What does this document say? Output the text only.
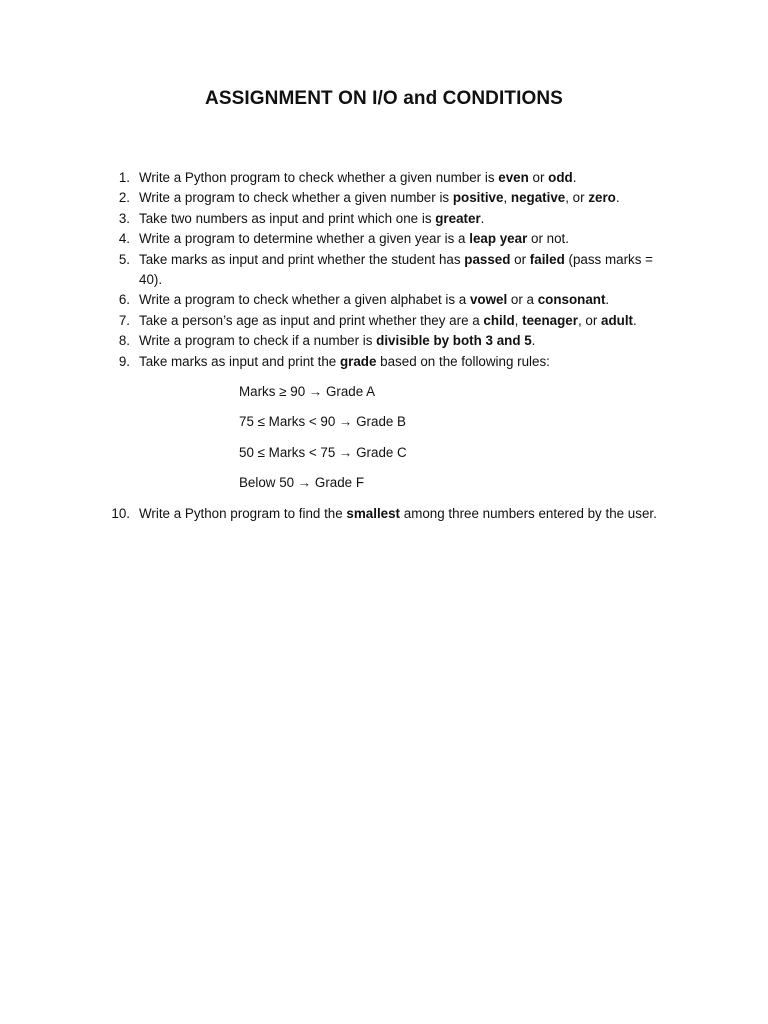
ASSIGNMENT ON I/O and CONDITIONS
1. Write a Python program to check whether a given number is even or odd.
2. Write a program to check whether a given number is positive, negative, or zero.
3. Take two numbers as input and print which one is greater.
4. Write a program to determine whether a given year is a leap year or not.
5. Take marks as input and print whether the student has passed or failed (pass marks = 40).
6. Write a program to check whether a given alphabet is a vowel or a consonant.
7. Take a person’s age as input and print whether they are a child, teenager, or adult.
8. Write a program to check if a number is divisible by both 3 and 5.
9. Take marks as input and print the grade based on the following rules:
Marks ≥ 90 → Grade A
75 ≤ Marks < 90 → Grade B
50 ≤ Marks < 75 → Grade C
Below 50 → Grade F
10. Write a Python program to find the smallest among three numbers entered by the user.
